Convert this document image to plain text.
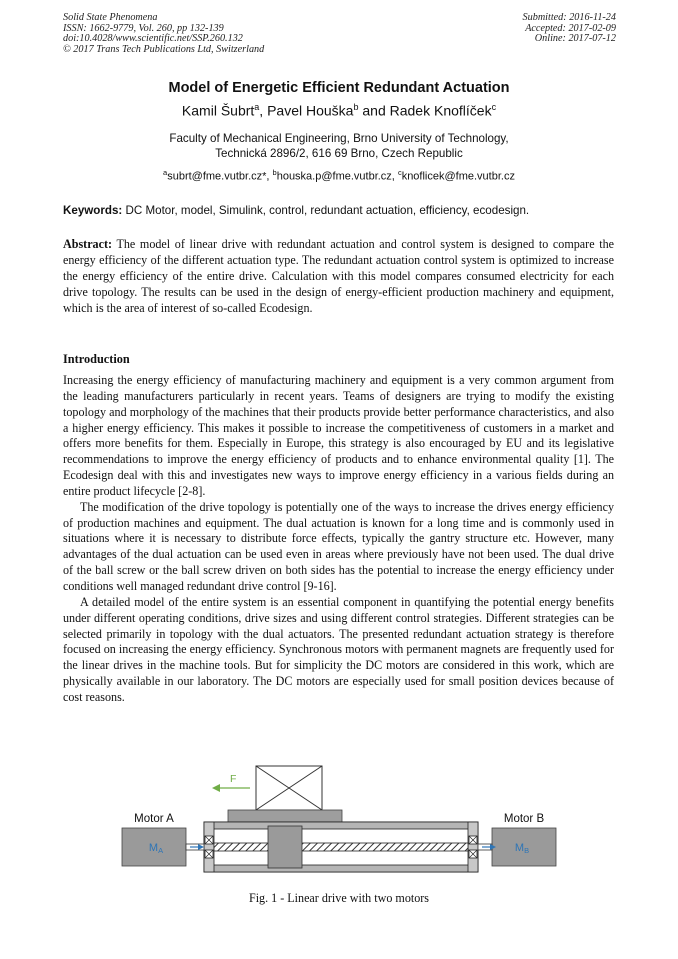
Solid State Phenomena
ISSN: 1662-9779, Vol. 260, pp 132-139
doi:10.4028/www.scientific.net/SSP.260.132
© 2017 Trans Tech Publications Ltd, Switzerland
Submitted: 2016-11-24
Accepted: 2017-02-09
Online: 2017-07-12
Model of Energetic Efficient Redundant Actuation
Kamil Šubrt$^a$, Pavel Houška$^b$ and Radek Knoflíček$^c$
Faculty of Mechanical Engineering, Brno University of Technology,
Technická 2896/2, 616 69 Brno, Czech Republic
$^a$subrt@fme.vutbr.cz*, $^b$houska.p@fme.vutbr.cz, $^c$knoflicek@fme.vutbr.cz
Keywords: DC Motor, model, Simulink, control, redundant actuation, efficiency, ecodesign.
Abstract: The model of linear drive with redundant actuation and control system is designed to compare the energy efficiency of the different actuation type. The redundant actuation control system is optimized to increase the energy efficiency of the entire drive. Calculation with this model compares consumed electricity for each drive topology. The results can be used in the design of energy-efficient production machinery and equipment, which is the area of interest of so-called Ecodesign.
Introduction

Increasing the energy efficiency of manufacturing machinery and equipment is a very common argument from the leading manufacturers particularly in recent years. Teams of designers are trying to modify the existing topology and morphology of the machines that their products provide better performance characteristics, and also a higher energy efficiency. This makes it possible to increase the competitiveness of customers in a market and offers more benefits for them. Especially in Europe, this strategy is also encouraged by EU and its legislative recommendations to improve the energy efficiency of products and to enhance environmental quality [1]. The Ecodesign deal with this and investigates new ways to improve energy efficiency in a various fields during an entire product lifecycle [2-8].

The modification of the drive topology is potentially one of the ways to increase the drives energy efficiency of production machines and equipment. The dual actuation is known for a long time and is commonly used in situations where it is necessary to distribute force effects, typically the gantry structure etc. However, many advantages of the dual actuation can be used even in areas where previously have not been used. The dual drive of the ball screw or the ball screw driven on both sides has the potential to increase the energy efficiency under conditions well managed redundant drive control [9-16].

A detailed model of the entire system is an essential component in quantifying the potential energy benefits under different operating conditions, drive sizes and using different control strategies. Different strategies can be selected primarily in topology with the dual actuators. The presented redundant actuation strategy is therefore focused on increasing the energy efficiency. Synchronous motors with permanent magnets are frequently used for the linear drives in the machine tools. But for simplicity the DC motors are considered in this work, which are physically available in our laboratory. The DC motors are especially used for small position devices because of cost reasons.

F
Motor A	Motor B
MA	MB
Fig. 1 - Linear drive with two motors
